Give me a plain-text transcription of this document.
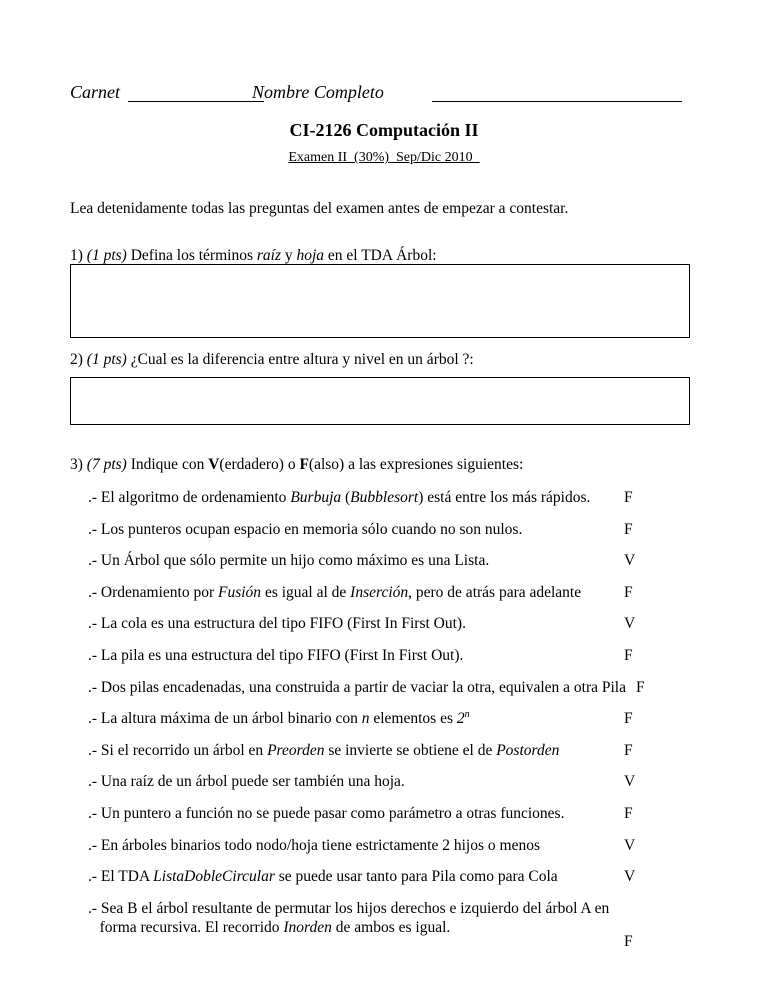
Carnet	Nombre Completo
CI-2126 Computación II
Examen II  (30%)  Sep/Dic 2010
Lea detenidamente todas las preguntas del examen antes de empezar a contestar.
1) (1 pts) Defina los términos raíz y hoja en el TDA Árbol:
2) (1 pts) ¿Cual es la diferencia entre altura y nivel en un árbol ?:
3) (7 pts) Indique con V(erdadero) o F(also) a las expresiones siguientes:
.- El algoritmo de ordenamiento Burbuja (Bubblesort) está entre los más rápidos.	F
.- Los punteros ocupan espacio en memoria sólo cuando no son nulos.	F
.- Un Árbol que sólo permite un hijo como máximo es una Lista.	V
.- Ordenamiento por Fusión es igual al de Inserción, pero de atrás para adelante	F
.- La cola es una estructura del tipo FIFO (First In First Out).	V
.- La pila es una estructura del tipo FIFO (First In First Out).	F
.- Dos pilas encadenadas, una construida a partir de vaciar la otra, equivalen a otra Pila F
.- La altura máxima de un árbol binario con n elementos es 2$^n$	F
.- Si el recorrido un árbol en Preorden se invierte se obtiene el de Postorden	F
.- Una raíz de un árbol puede ser también una hoja.	V
.- Un puntero a función no se puede pasar como parámetro a otras funciones.	F
.- En árboles binarios todo nodo/hoja tiene estrictamente 2 hijos o menos	V
.- El TDA ListaDobleCircular se puede usar tanto para Pila como para Cola	V
.- Sea B el árbol resultante de permutar los hijos derechos e izquierdo del árbol A en
forma recursiva. El recorrido Inorden de ambos es igual.
F
